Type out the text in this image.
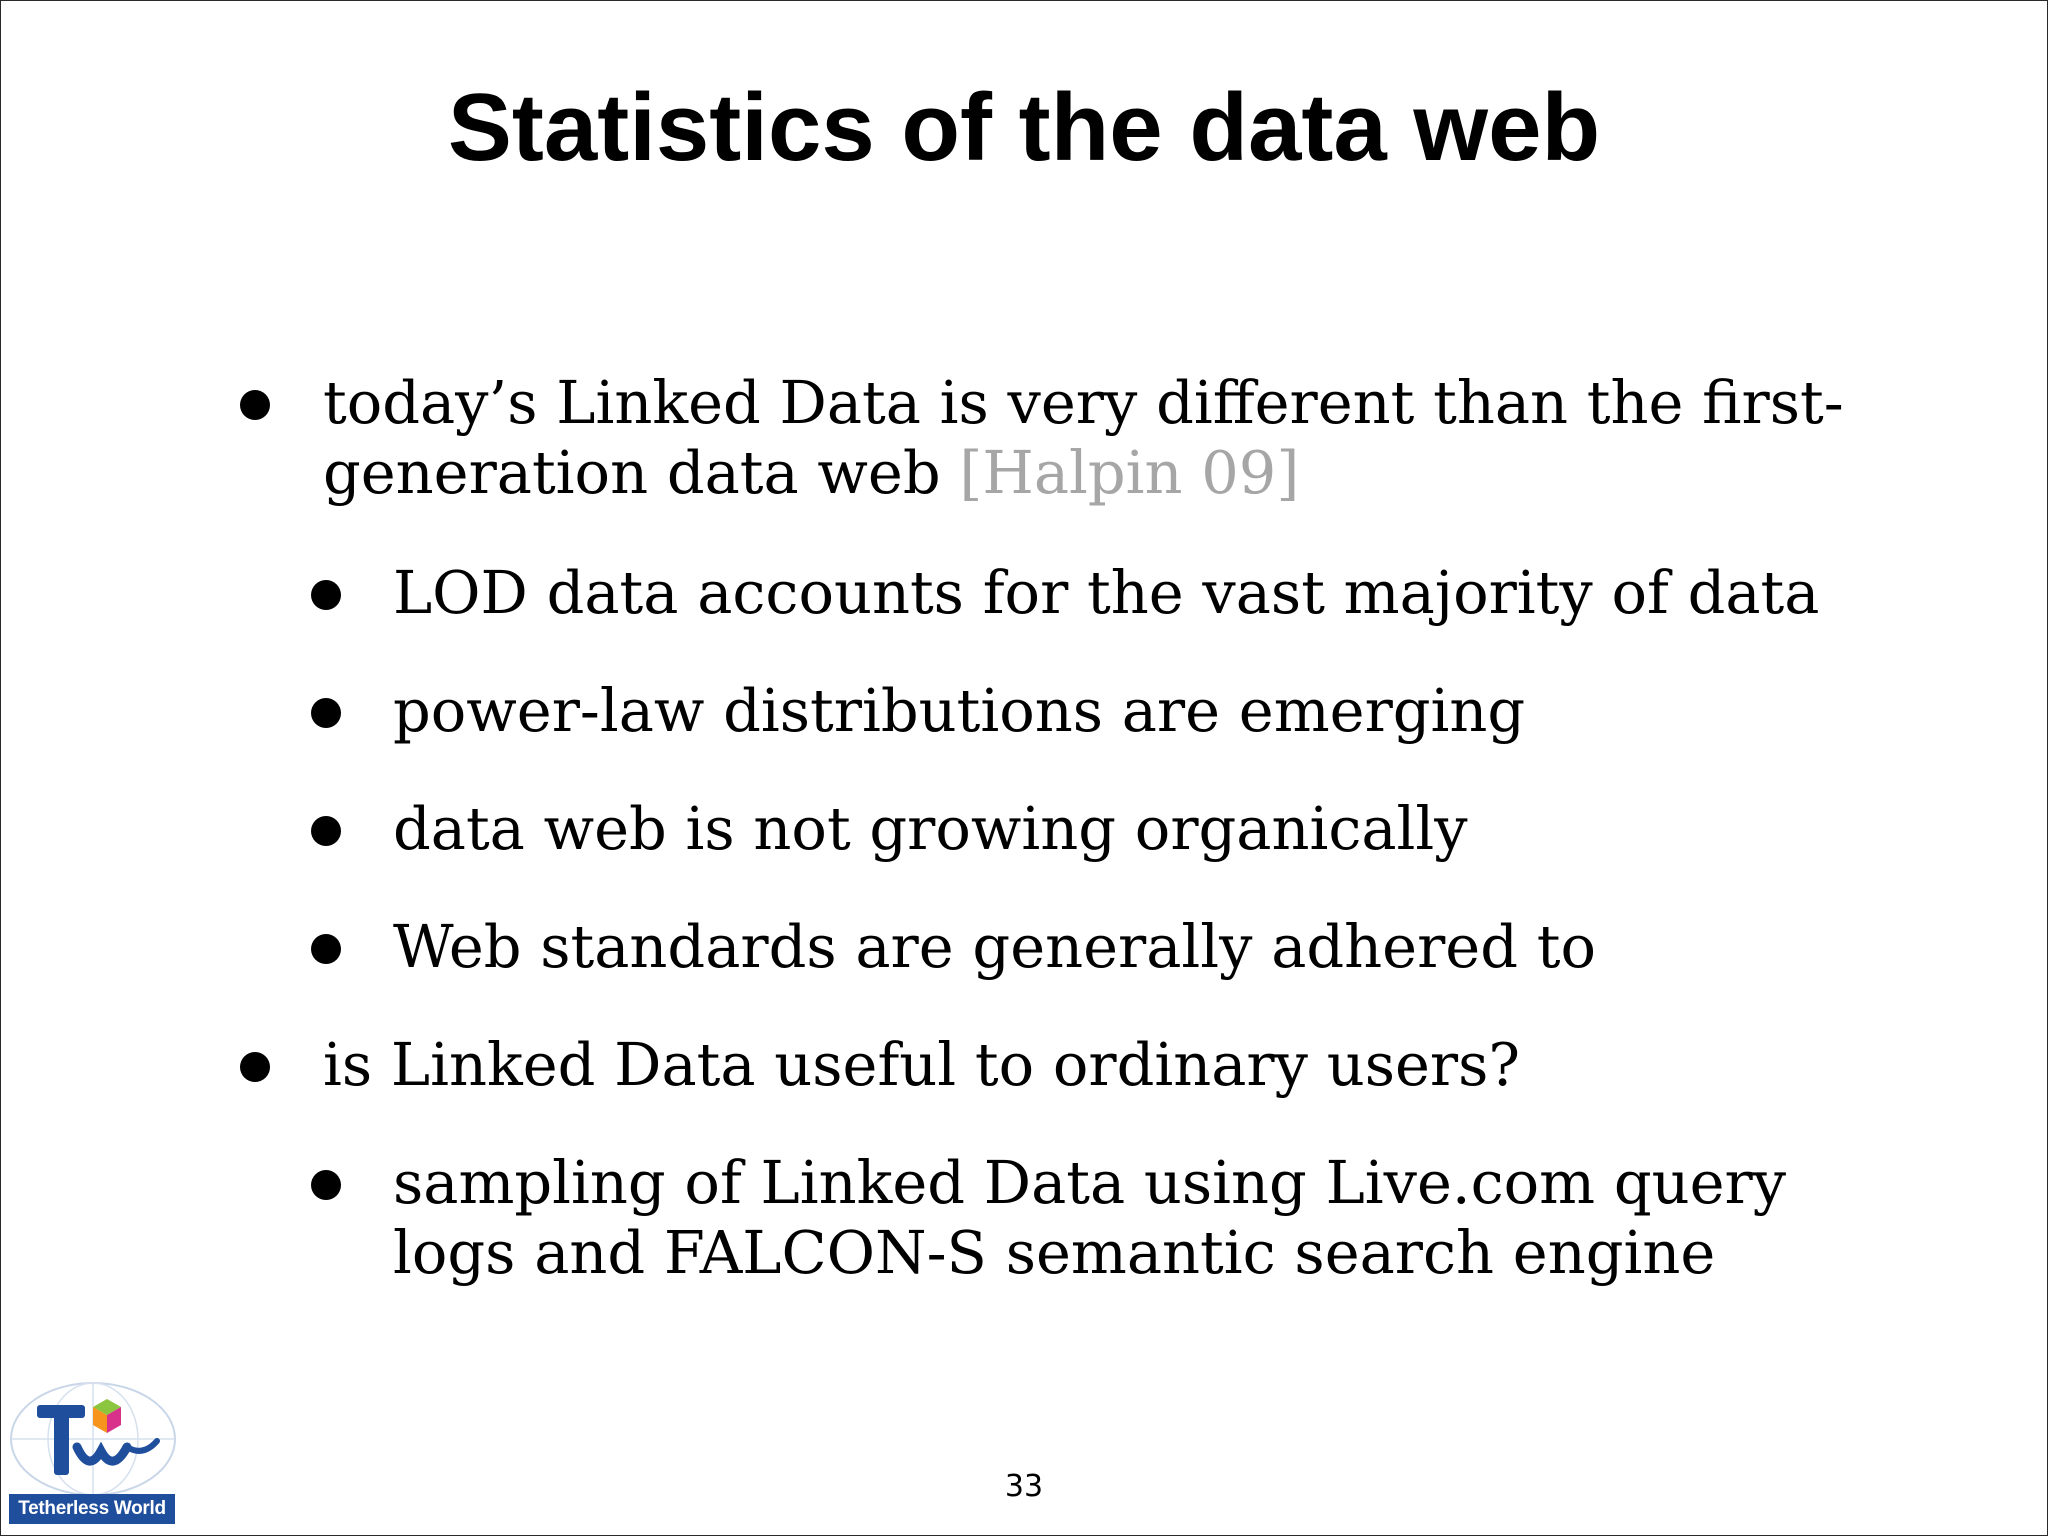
Statistics of the data web

today’s Linked Data is very different than the first-

generation data web [Halpin 09]

LOD data accounts for the vast majority of data

power-law distributions are emerging

data web is not growing organically

Web standards are generally adhered to

is Linked Data useful to ordinary users?

sampling of Linked Data using Live.com query

logs and FALCON-S semantic search engine

Tetherless World
33
